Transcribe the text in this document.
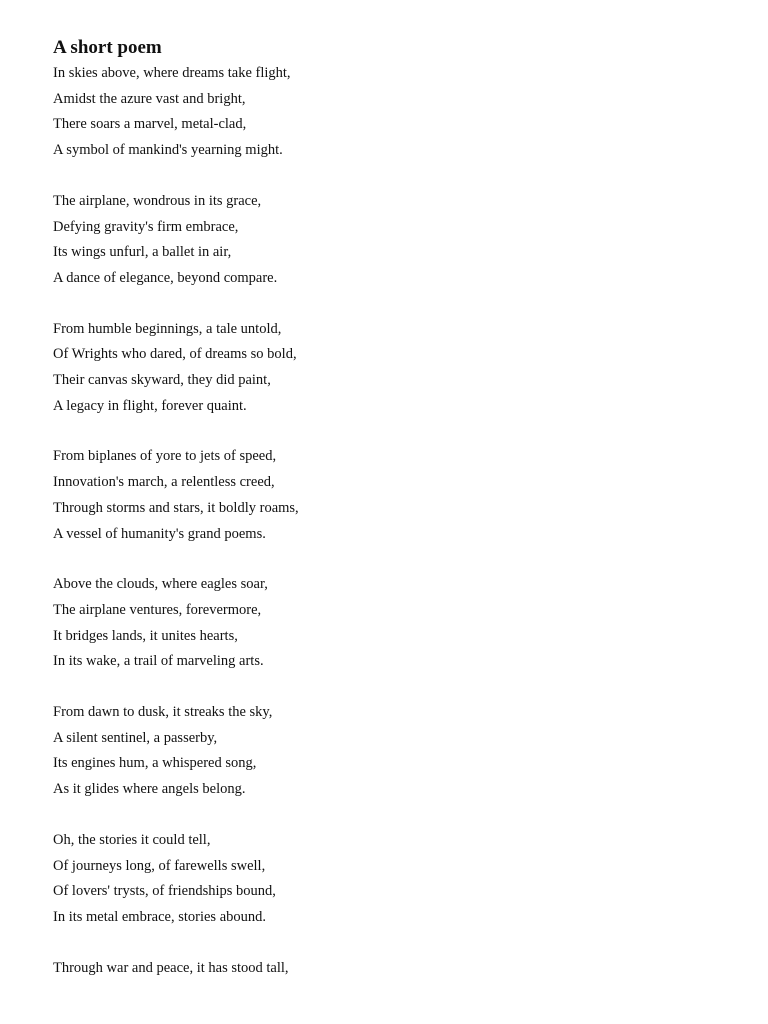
A short poem

In skies above, where dreams take flight,

Amidst the azure vast and bright,

There soars a marvel, metal-clad,

A symbol of mankind's yearning might.

The airplane, wondrous in its grace,

Defying gravity's firm embrace,

Its wings unfurl, a ballet in air,

A dance of elegance, beyond compare.

From humble beginnings, a tale untold,

Of Wrights who dared, of dreams so bold,

Their canvas skyward, they did paint,

A legacy in flight, forever quaint.

From biplanes of yore to jets of speed,

Innovation's march, a relentless creed,

Through storms and stars, it boldly roams,

A vessel of humanity's grand poems.

Above the clouds, where eagles soar,

The airplane ventures, forevermore,

It bridges lands, it unites hearts,

In its wake, a trail of marveling arts.

From dawn to dusk, it streaks the sky,

A silent sentinel, a passerby,

Its engines hum, a whispered song,

As it glides where angels belong.

Oh, the stories it could tell,

Of journeys long, of farewells swell,

Of lovers' trysts, of friendships bound,

In its metal embrace, stories abound.

Through war and peace, it has stood tall,
